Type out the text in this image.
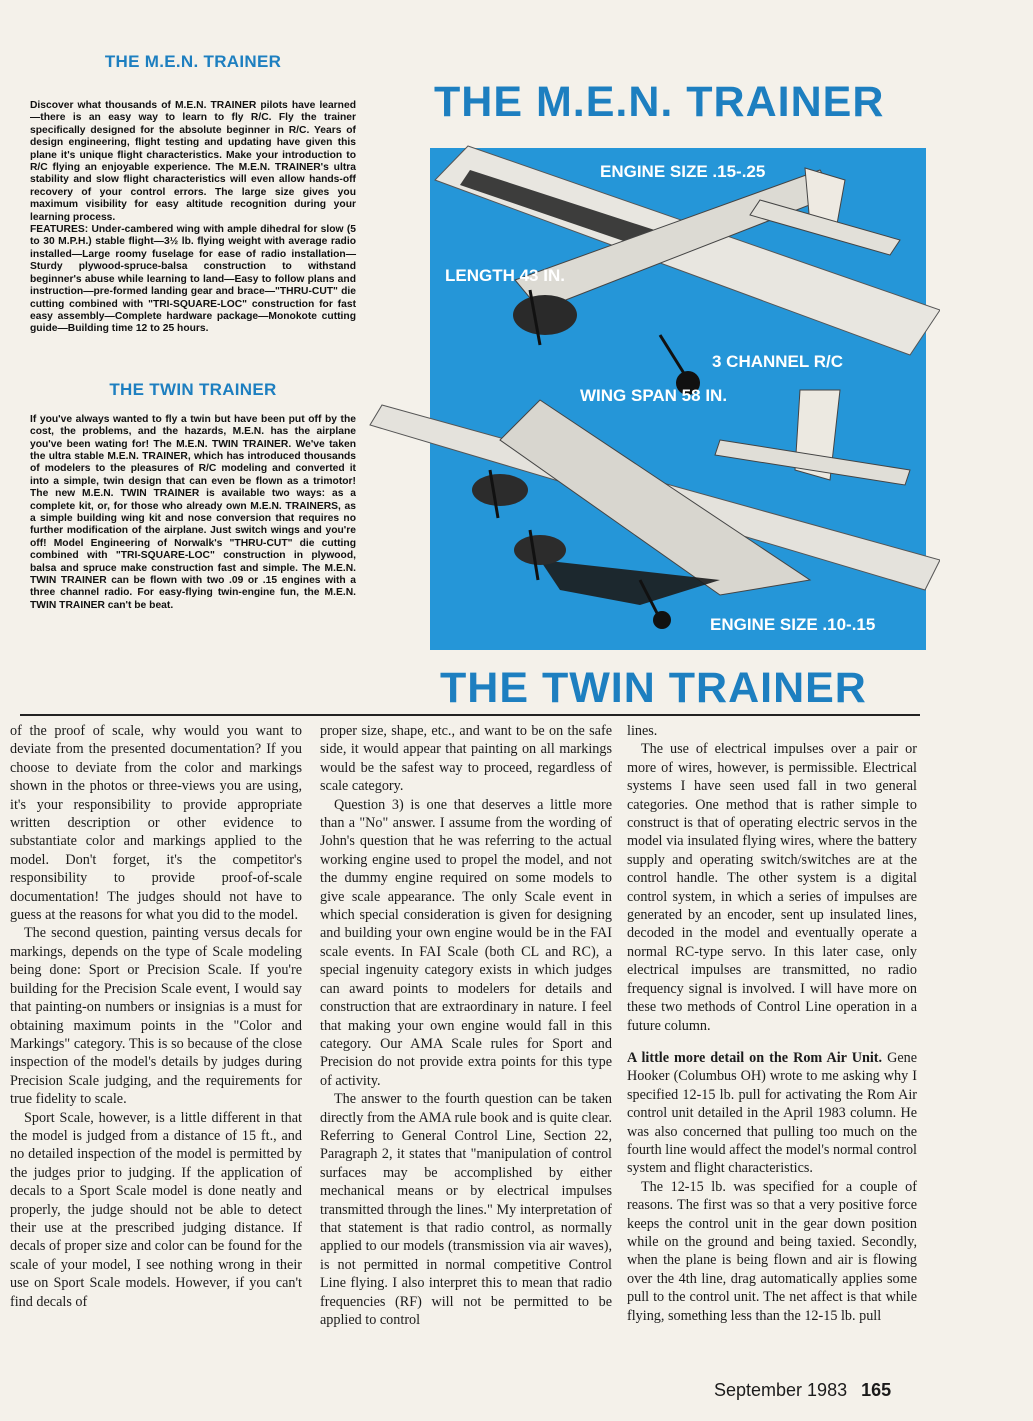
THE M.E.N. TRAINER

Discover what thousands of M.E.N. TRAINER pilots have learned—there is an easy way to learn to fly R/C. Fly the trainer specifically designed for the absolute beginner in R/C. Years of design engineering, flight testing and updating have given this plane it's unique flight characteristics. Make your introduction to R/C flying an enjoyable experience. The M.E.N. TRAINER's ultra stability and slow flight characteristics will even allow hands-off recovery of your control errors. The large size gives you maximum visibility for easy altitude recognition during your learning process.

FEATURES: Under-cambered wing with ample dihedral for slow (5 to 30 M.P.H.) stable flight—3½ lb. flying weight with average radio installed—Large roomy fuselage for ease of radio installation—Sturdy plywood-spruce-balsa construction to withstand beginner's abuse while learning to land—Easy to follow plans and instruction—pre-formed landing gear and brace—"THRU-CUT" die cutting combined with "TRI-SQUARE-LOC" construction for fast easy assembly—Complete hardware package—Monokote cutting guide—Building time 12 to 25 hours.

THE TWIN TRAINER

If you've always wanted to fly a twin but have been put off by the cost, the problems, and the hazards, M.E.N. has the airplane you've been wating for! The M.E.N. TWIN TRAINER. We've taken the ultra stable M.E.N. TRAINER, which has introduced thousands of modelers to the pleasures of R/C modeling and converted it into a simple, twin design that can even be flown as a trimotor! The new M.E.N. TWIN TRAINER is available two ways: as a complete kit, or, for those who already own M.E.N. TRAINERS, as a simple building wing kit and nose conversion that requires no further modification of the airplane. Just switch wings and you're off! Model Engineering of Norwalk's "THRU-CUT" die cutting combined with "TRI-SQUARE-LOC" construction in plywood, balsa and spruce make construction fast and simple. The M.E.N. TWIN TRAINER can be flown with two .09 or .15 engines with a three channel radio. For easy-flying twin-engine fun, the M.E.N. TWIN TRAINER can't be beat.

THE M.E.N. TRAINER
ENGINE SIZE .15-.25
LENGTH 43 IN.
3 CHANNEL R/C
WING SPAN 58 IN.
ENGINE SIZE .10-.15
THE TWIN TRAINER

of the proof of scale, why would you want to deviate from the presented documentation? If you choose to deviate from the color and markings shown in the photos or three-views you are using, it's your responsibility to provide appropriate written description or other evidence to substantiate color and markings applied to the model. Don't forget, it's the competitor's responsibility to provide proof-of-scale documentation! The judges should not have to guess at the reasons for what you did to the model.

The second question, painting versus decals for markings, depends on the type of Scale modeling being done: Sport or Precision Scale. If you're building for the Precision Scale event, I would say that painting-on numbers or insignias is a must for obtaining maximum points in the "Color and Markings" category. This is so because of the close inspection of the model's details by judges during Precision Scale judging, and the requirements for true fidelity to scale.

Sport Scale, however, is a little different in that the model is judged from a distance of 15 ft., and no detailed inspection of the model is permitted by the judges prior to judging. If the application of decals to a Sport Scale model is done neatly and properly, the judge should not be able to detect their use at the prescribed judging distance. If decals of proper size and color can be found for the scale of your model, I see nothing wrong in their use on Sport Scale models. However, if you can't find decals of

proper size, shape, etc., and want to be on the safe side, it would appear that painting on all markings would be the safest way to proceed, regardless of scale category.

Question 3) is one that deserves a little more than a "No" answer. I assume from the wording of John's question that he was referring to the actual working engine used to propel the model, and not the dummy engine required on some models to give scale appearance. The only Scale event in which special consideration is given for designing and building your own engine would be in the FAI scale events. In FAI Scale (both CL and RC), a special ingenuity category exists in which judges can award points to modelers for details and construction that are extraordinary in nature. I feel that making your own engine would fall in this category. Our AMA Scale rules for Sport and Precision do not provide extra points for this type of activity.

The answer to the fourth question can be taken directly from the AMA rule book and is quite clear. Referring to General Control Line, Section 22, Paragraph 2, it states that "manipulation of control surfaces may be accomplished by either mechanical means or by electrical impulses transmitted through the lines." My interpretation of that statement is that radio control, as normally applied to our models (transmission via air waves), is not permitted in normal competitive Control Line flying. I also interpret this to mean that radio frequencies (RF) will not be permitted to be applied to control

lines.

The use of electrical impulses over a pair or more of wires, however, is permissible. Electrical systems I have seen used fall in two general categories. One method that is rather simple to construct is that of operating electric servos in the model via insulated flying wires, where the battery supply and operating switch/switches are at the control handle. The other system is a digital control system, in which a series of impulses are generated by an encoder, sent up insulated lines, decoded in the model and eventually operate a normal RC-type servo. In this later case, only electrical impulses are transmitted, no radio frequency signal is involved. I will have more on these two methods of Control Line operation in a future column.

A little more detail on the Rom Air Unit. Gene Hooker (Columbus OH) wrote to me asking why I specified 12-15 lb. pull for activating the Rom Air control unit detailed in the April 1983 column. He was also concerned that pulling too much on the fourth line would affect the model's normal control system and flight characteristics.

The 12-15 lb. was specified for a couple of reasons. The first was so that a very positive force keeps the control unit in the gear down position while on the ground and being taxied. Secondly, when the plane is being flown and air is flowing over the 4th line, drag automatically applies some pull to the control unit. The net affect is that while flying, something less than the 12-15 lb. pull

September 1983 165
